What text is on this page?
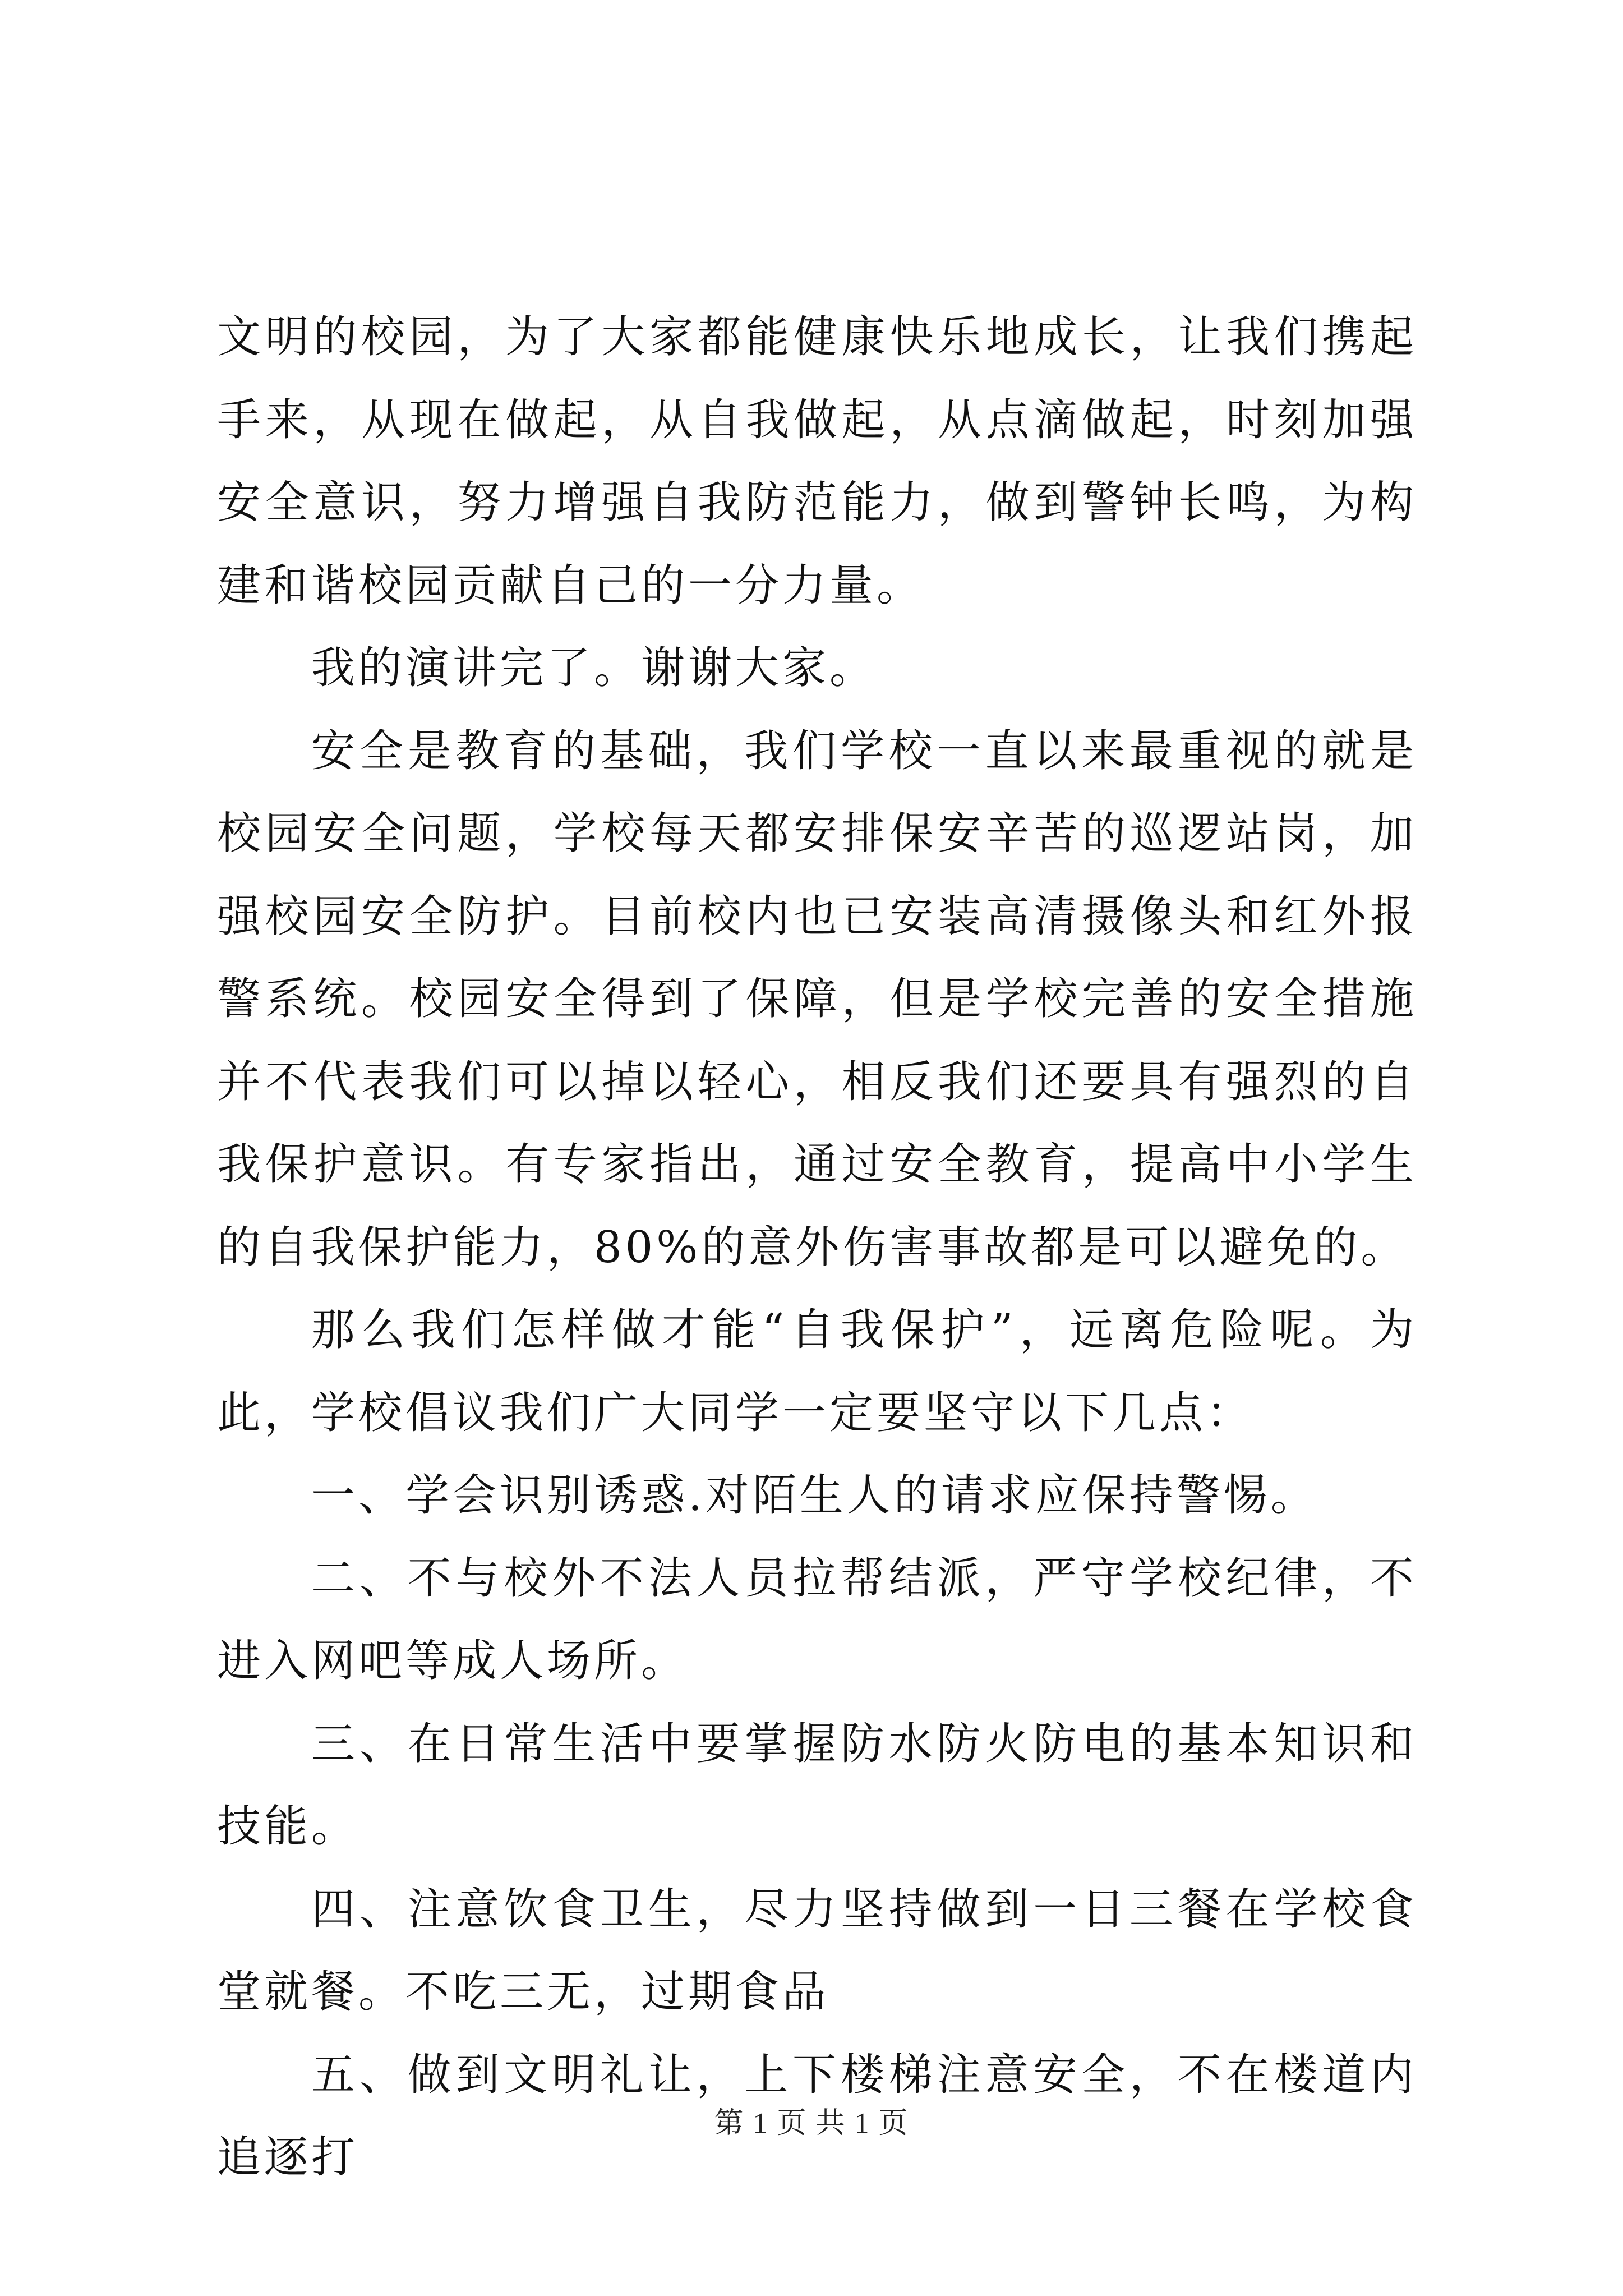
文明的校园，为了大家都能健康快乐地成长，让我们携起手来，从现在做起，从自我做起，从点滴做起，时刻加强安全意识，努力增强自我防范能力，做到警钟长鸣，为构建和谐校园贡献自己的一分力量。

我的演讲完了。谢谢大家。

安全是教育的基础，我们学校一直以来最重视的就是校园安全问题，学校每天都安排保安辛苦的巡逻站岗，加强校园安全防护。目前校内也已安装高清摄像头和红外报警系统。校园安全得到了保障，但是学校完善的安全措施并不代表我们可以掉以轻心，相反我们还要具有强烈的自我保护意识。有专家指出，通过安全教育，提高中小学生的自我保护能力，80%的意外伤害事故都是可以避免的。

那么我们怎样做才能“自我保护”，远离危险呢。为此，学校倡议我们广大同学一定要坚守以下几点：

一、学会识别诱惑.对陌生人的请求应保持警惕。

二、不与校外不法人员拉帮结派，严守学校纪律，不进入网吧等成人场所。

三、在日常生活中要掌握防水防火防电的基本知识和技能。

四、注意饮食卫生，尽力坚持做到一日三餐在学校食堂就餐。不吃三无，过期食品

五、做到文明礼让，上下楼梯注意安全，不在楼道内追逐打

第 1 页 共 1 页
